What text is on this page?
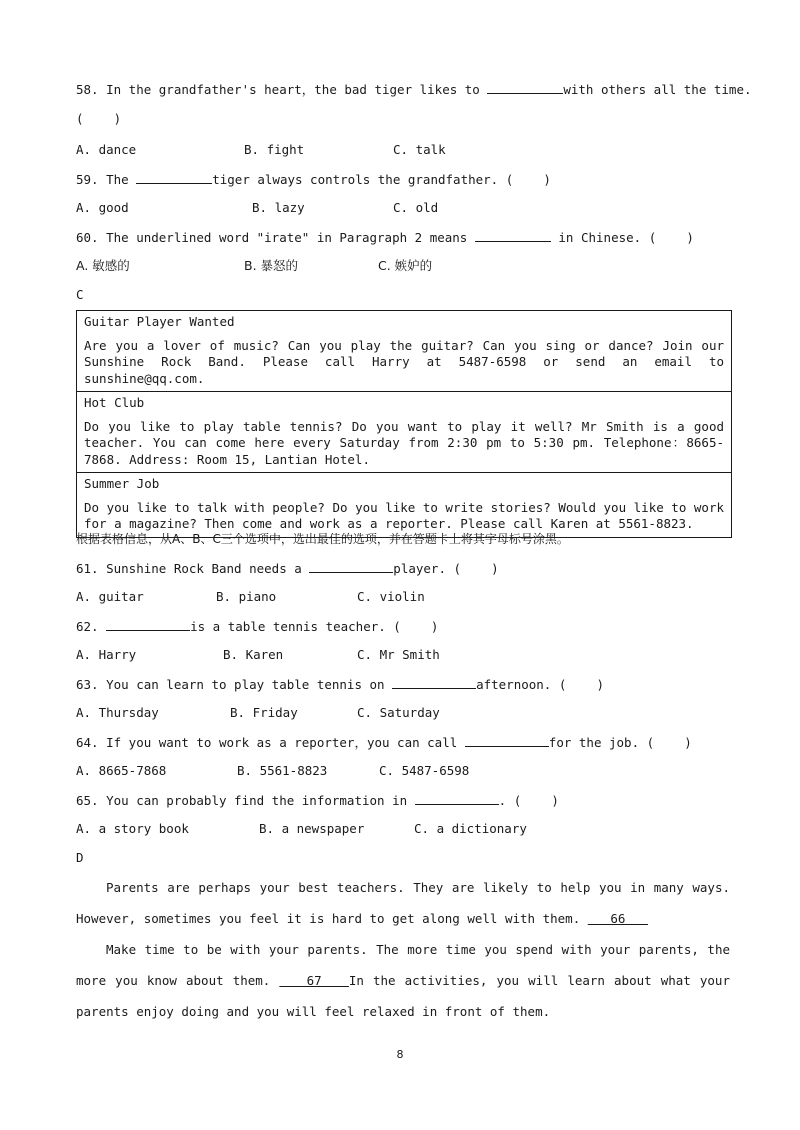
58. In the grandfather's heart，the bad tiger likes to	with others all the time.
(    )
A. dance	B. fight	C. talk
59. The	tiger always controls the grandfather. (    )
A. good	B. lazy	C. old
60. The underlined word "irate" in Paragraph 2 means	in Chinese. (    )
A. 敏感的	B. 暴怒的	C. 嫉妒的
C
Guitar Player Wanted
Are you a lover of music? Can you play the guitar? Can you sing or dance? Join our Sunshine Rock Band. Please call Harry at 5487-6598 or send an email to sunshine@qq.com.
Hot Club
Do you like to play table tennis? Do you want to play it well? Mr Smith is a good teacher. You can come here every Saturday from 2:30 pm to 5:30 pm. Telephone：8665-7868. Address: Room 15, Lantian Hotel.
Summer Job
Do you like to talk with people? Do you like to write stories? Would you like to work for a magazine? Then come and work as a reporter. Please call Karen at 5561-8823.
根据表格信息，从A、B、C三个选项中，选出最佳的选项，并在答题卡上将其字母标号涂黑。
61. Sunshine Rock Band needs a	player. (    )
A. guitar	B. piano	C. violin
62.	is a table tennis teacher. (    )
A. Harry	B. Karen	C. Mr Smith
63. You can learn to play table tennis on	afternoon. (    )
A. Thursday	B. Friday	C. Saturday
64. If you want to work as a reporter，you can call	for the job. (    )
A. 8665-7868	B. 5561-8823	C. 5487-6598
65. You can probably find the information in	. (    )
A. a story book	B. a newspaper	C. a dictionary
D
Parents are perhaps your best teachers. They are likely to help you in many ways. However, sometimes you feel it is hard to get along well with them.    66
Make time to be with your parents. The more time you spend with your parents, the more you know about them.    67   In the activities, you will learn about what your parents enjoy doing and you will feel relaxed in front of them.
8
